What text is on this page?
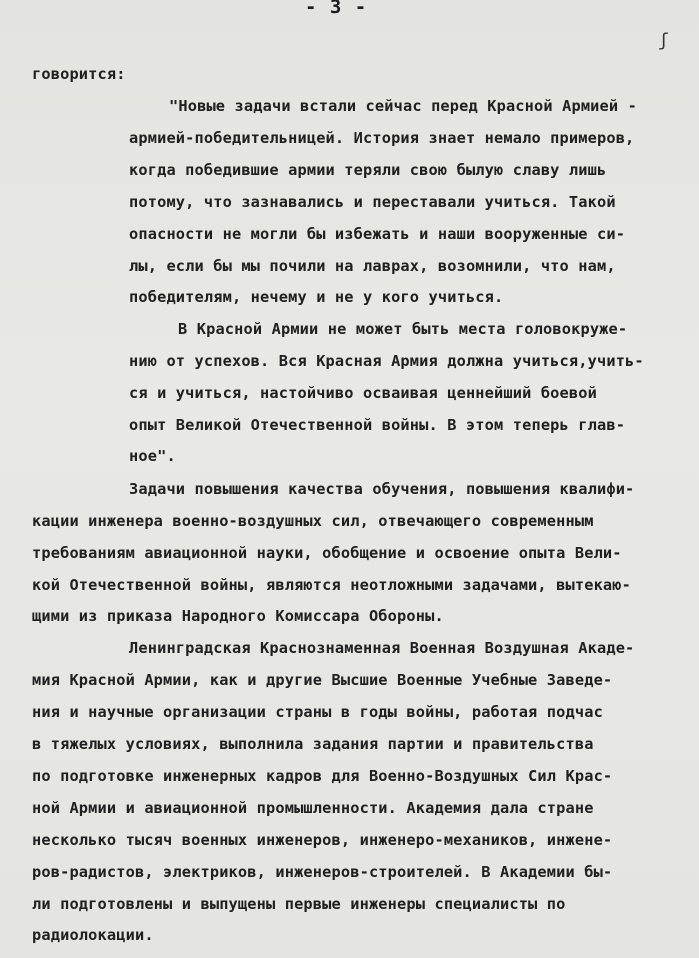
- 3 -
ʃ
говорится:
"Новые задачи встали сейчас перед Красной Армией -
армией-победительницей. История знает немало примеров,
когда победившие армии теряли свою былую славу лишь
потому, что зазнавались и переставали учиться. Такой
опасности не могли бы избежать и наши вооруженные си-
лы, если бы мы почили на лаврах, возомнили, что нам,
победителям, нечему и не у кого учиться.
В Красной Армии не может быть места головокруже-
нию от успехов. Вся Красная Армия должна учиться,учить-
ся и учиться, настойчиво осваивая ценнейший боевой
опыт Великой Отечественной войны. В этом теперь глав-
ное".
Задачи повышения качества обучения, повышения квалифи-
кации инженера военно-воздушных сил, отвечающего современным
требованиям авиационной науки, обобщение и освоение опыта Вели-
кой Отечественной войны, являются неотложными задачами, вытекаю-
щими из приказа Народного Комиссара Обороны.
Ленинградская Краснознаменная Военная Воздушная Акаде-
мия Красной Армии, как и другие Высшие Военные Учебные Заведе-
ния и научные организации страны в годы войны, работая подчас
в тяжелых условиях, выполнила задания партии и правительства
по подготовке инженерных кадров для Военно-Воздушных Сил Крас-
ной Армии и авиационной промышленности. Академия дала стране
несколько тысяч военных инженеров, инженеро-механиков, инжене-
ров-радистов, электриков, инженеров-строителей. В Академии бы-
ли подготовлены и выпущены первые инженеры специалисты по
радиолокации.
